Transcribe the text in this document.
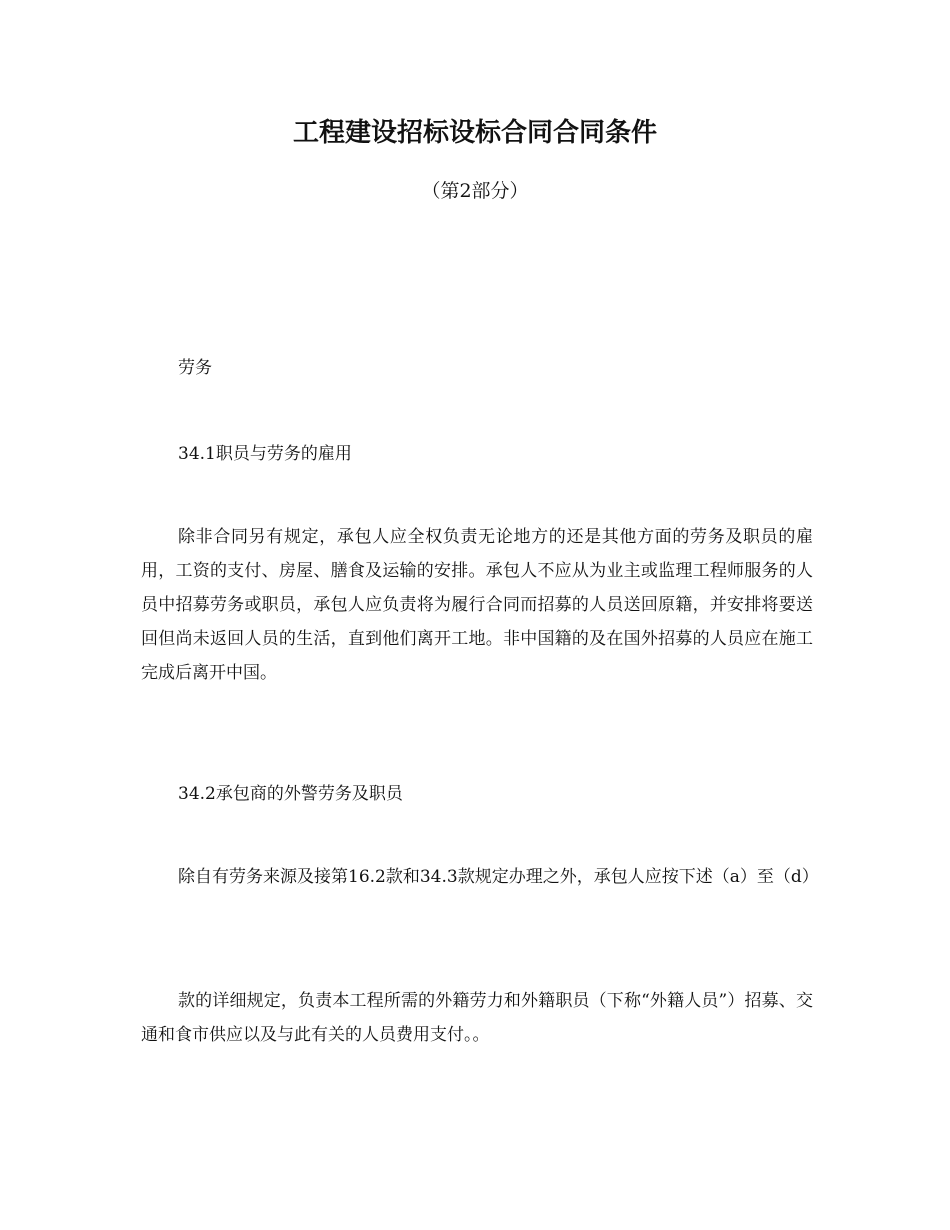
工程建设招标设标合同合同条件
（第2部分）

劳务

34.1职员与劳务的雇用

除非合同另有规定，承包人应全权负责无论地方的还是其他方面的劳务及职员的雇用，工资的支付、房屋、膳食及运输的安排。承包人不应从为业主或监理工程师服务的人员中招募劳务或职员，承包人应负责将为履行合同而招募的人员送回原籍，并安排将要送回但尚未返回人员的生活，直到他们离开工地。非中国籍的及在国外招募的人员应在施工完成后离开中国。

34.2承包商的外警劳务及职员

除自有劳务来源及接第16.2款和34.3款规定办理之外，承包人应按下述（a）至（d）

款的详细规定，负责本工程所需的外籍劳力和外籍职员（下称“外籍人员”）招募、交通和食市供应以及与此有关的人员费用支付。。
